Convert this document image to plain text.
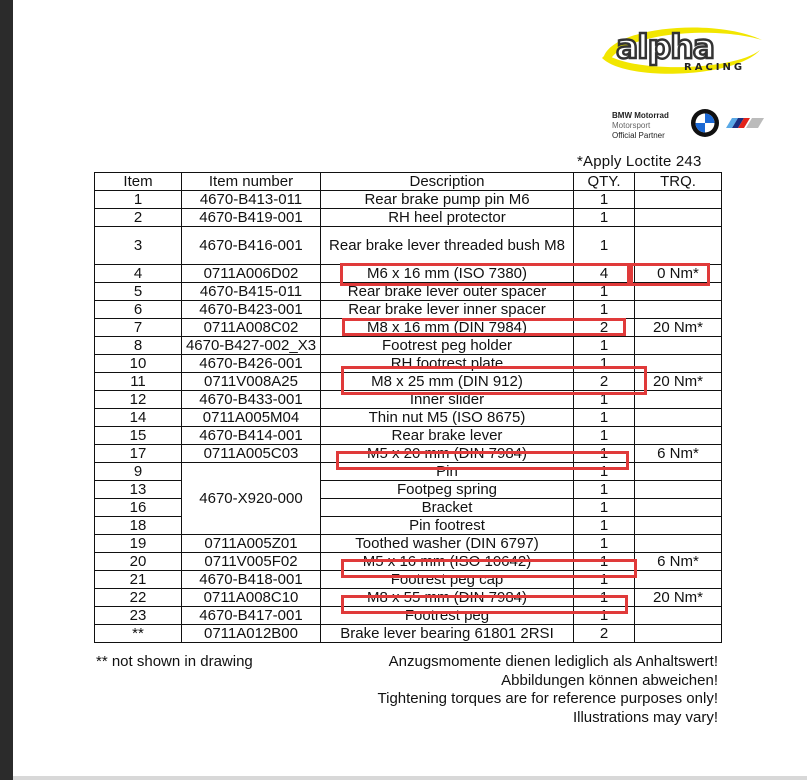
alpha
RACING
BMW Motorrad
Motorsport
Official Partner
*Apply Loctite 243
Item	Item number	Description	QTY.	TRQ.
1	4670-B413-011	Rear brake pump pin M6	1	
2	4670-B419-001	RH heel protector	1	
3	4670-B416-001	Rear brake lever threaded bush M8	1	
4	0711A006D02	M6 x 16 mm (ISO 7380)	4	0 Nm*
5	4670-B415-011	Rear brake lever outer spacer	1	
6	4670-B423-001	Rear brake lever inner spacer	1	
7	0711A008C02	M8 x 16 mm (DIN 7984)	2	20 Nm*
8	4670-B427-002_X3	Footrest peg holder	1	
10	4670-B426-001	RH footrest plate	1	
11	0711V008A25	M8 x 25 mm (DIN 912)	2	20 Nm*
12	4670-B433-001	Inner slider	1	
14	0711A005M04	Thin nut M5 (ISO 8675)	1	
15	4670-B414-001	Rear brake lever	1	
17	0711A005C03	M5 x 20 mm (DIN 7984)	1	6 Nm*
9	4670-X920-000	Pin	1	
13		Footpeg spring	1	
16		Bracket	1	
18		Pin footrest	1	
19	0711A005Z01	Toothed washer (DIN 6797)	1	
20	0711V005F02	M5 x 16 mm (ISO 10642)	1	6 Nm*
21	4670-B418-001	Footrest peg cap	1	
22	0711A008C10	M8 x 55 mm (DIN 7984)	1	20 Nm*
23	4670-B417-001	Footrest peg	1	
**	0711A012B00	Brake lever bearing 61801 2RSI	2	
** not shown in drawing	Anzugsmomente dienen lediglich als Anhaltswert!
Abbildungen können abweichen!
Tightening torques are for reference purposes only!
Illustrations may vary!
